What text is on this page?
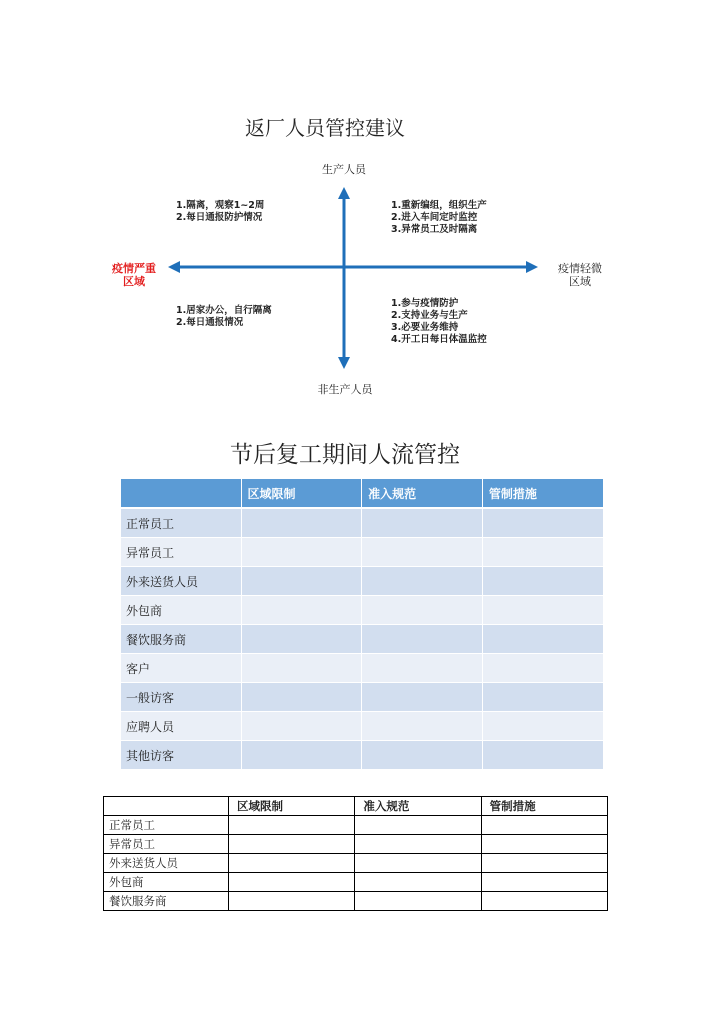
返厂人员管控建议
生产人员
非生产人员
疫情严重
区域
疫情轻微
区域
1.隔离，观察1~2周
2.每日通报防护情况
1.重新编组，组织生产
2.进入车间定时监控
3.异常员工及时隔离
1.居家办公，自行隔离
2.每日通报情况
1.参与疫情防护
2.支持业务与生产
3.必要业务维持
4.开工日每日体温监控
节后复工期间人流管控
	区域限制	准入规范	管制措施
正常员工			
异常员工			
外来送货人员			
外包商			
餐饮服务商			
客户			
一般访客			
应聘人员			
其他访客			
	区域限制	准入规范	管制措施
正常员工			
异常员工			
外来送货人员			
外包商			
餐饮服务商			
